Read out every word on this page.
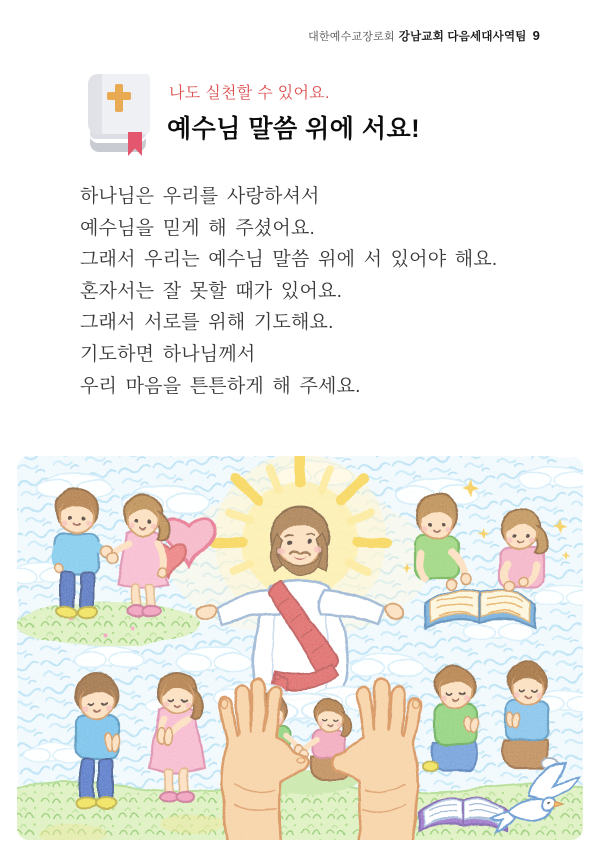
대한예수교장로회 강남교회 다음세대사역팀 9
나도 실천할 수 있어요.
예수님 말씀 위에 서요!
하나님은 우리를 사랑하셔서
예수님을 믿게 해 주셨어요.
그래서 우리는 예수님 말씀 위에 서 있어야 해요.
혼자서는 잘 못할 때가 있어요.
그래서 서로를 위해 기도해요.
기도하면 하나님께서
우리 마음을 튼튼하게 해 주세요.
